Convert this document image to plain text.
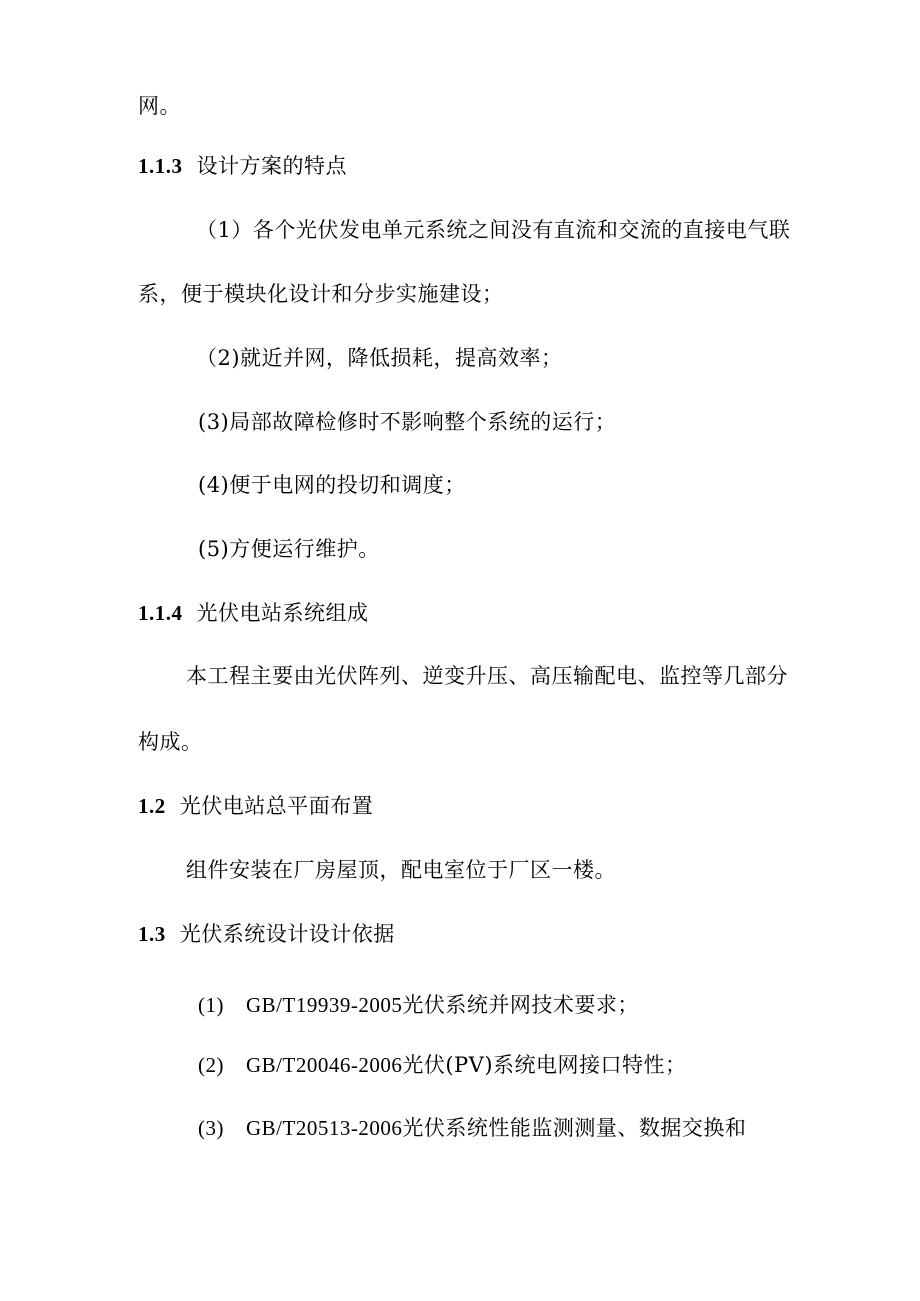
网。
1.1.3 设计方案的特点
（1）各个光伏发电单元系统之间没有直流和交流的直接电气联
系，便于模块化设计和分步实施建设；
（2)就近并网，降低损耗，提高效率；
(3)局部故障检修时不影响整个系统的运行；
(4)便于电网的投切和调度；
(5)方便运行维护。
1.1.4 光伏电站系统组成
本工程主要由光伏阵列、逆变升压、高压输配电、监控等几部分
构成。
1.2 光伏电站总平面布置
组件安装在厂房屋顶，配电室位于厂区一楼。
1.3 光伏系统设计设计依据
(1) GB/T19939-2005光伏系统并网技术要求；
(2) GB/T20046-2006光伏(PV)系统电网接口特性；
(3) GB/T20513-2006光伏系统性能监测测量、数据交换和
